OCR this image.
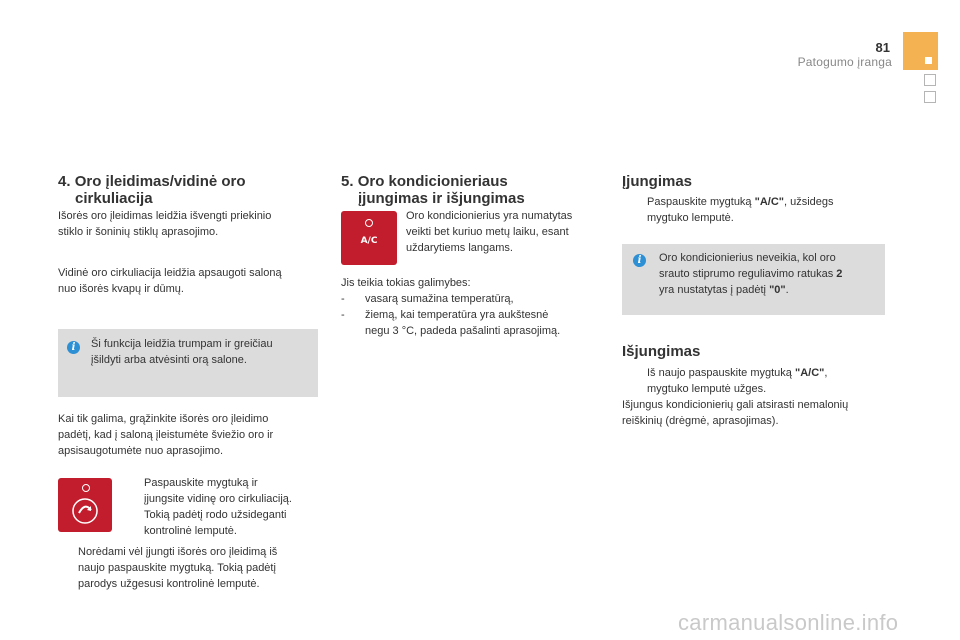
81
Patogumo įranga
4. Oro įleidimas/vidinė oro
cirkuliacija

Išorės oro įleidimas leidžia išvengti priekinio

stiklo ir šoninių stiklų aprasojimo.

Vidinė oro cirkuliacija leidžia apsaugoti saloną

nuo išorės kvapų ir dūmų.

i	Ši funkcija leidžia trumpam ir greičiau

įšildyti arba atvėsinti orą salone.

Kai tik galima, grąžinkite išorės oro įleidimo

padėtį, kad į saloną įleistumėte šviežio oro ir

apsisaugotumėte nuo aprasojimo.

Paspauskite mygtuką ir

įjungsite vidinę oro cirkuliaciją.

Tokią padėtį rodo užsideganti

kontrolinė lemputė.

Norėdami vėl įjungti išorės oro įleidimą iš

naujo paspauskite mygtuką. Tokią padėtį

parodys užgesusi kontrolinė lemputė.

5. Oro kondicionieriaus
įjungimas ir išjungimas
A/C

Oro kondicionierius yra numatytas

veikti bet kuriuo metų laiku, esant

uždarytiems langams.

Jis teikia tokias galimybes:

- vasarą sumažina temperatūrą,

- žiemą, kai temperatūra yra aukštesnė

negu 3 °C, padeda pašalinti aprasojimą.

Įjungimas

Paspauskite mygtuką "A/C", užsidegs

mygtuko lemputė.

i	Oro kondicionierius neveikia, kol oro

srauto stiprumo reguliavimo ratukas 2

yra nustatytas į padėtį "0".

Išjungimas

Iš naujo paspauskite mygtuką "A/C",

mygtuko lemputė užges.

Išjungus kondicionierių gali atsirasti nemalonių

reiškinių (drėgmė, aprasojimas).

carmanualsonline.info
